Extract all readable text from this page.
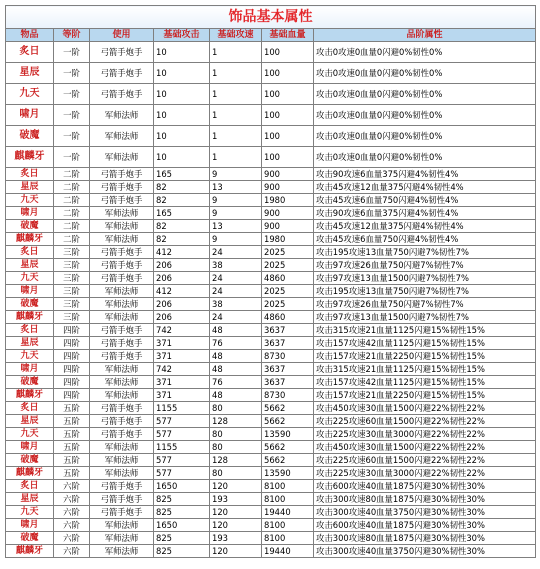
饰品基本属性						
物品	等阶	使用	基础攻击	基础攻速	基础血量	品阶属性
炙日	一阶	弓箭手炮手	10	1	100	攻击0攻速0血量0闪避0%韧性0%
星辰	一阶	弓箭手炮手	10	1	100	攻击0攻速0血量0闪避0%韧性0%
九天	一阶	弓箭手炮手	10	1	100	攻击0攻速0血量0闪避0%韧性0%
啸月	一阶	军师法师	10	1	100	攻击0攻速0血量0闪避0%韧性0%
破魔	一阶	军师法师	10	1	100	攻击0攻速0血量0闪避0%韧性0%
麒麟牙	一阶	军师法师	10	1	100	攻击0攻速0血量0闪避0%韧性0%
炙日	二阶	弓箭手炮手	165	9	900	攻击90攻速6血量375闪避4%韧性4%
星辰	二阶	弓箭手炮手	82	13	900	攻击45攻速12血量375闪避4%韧性4%
九天	二阶	弓箭手炮手	82	9	1980	攻击45攻速6血量750闪避4%韧性4%
啸月	二阶	军师法师	165	9	900	攻击90攻速6血量375闪避4%韧性4%
破魔	二阶	军师法师	82	13	900	攻击45攻速12血量375闪避4%韧性4%
麒麟牙	二阶	军师法师	82	9	1980	攻击45攻速6血量750闪避4%韧性4%
炙日	三阶	弓箭手炮手	412	24	2025	攻击195攻速13血量750闪避7%韧性7%
星辰	三阶	弓箭手炮手	206	38	2025	攻击97攻速26血量750闪避7%韧性7%
九天	三阶	弓箭手炮手	206	24	4860	攻击97攻速13血量1500闪避7%韧性7%
啸月	三阶	军师法师	412	24	2025	攻击195攻速13血量750闪避7%韧性7%
破魔	三阶	军师法师	206	38	2025	攻击97攻速26血量750闪避7%韧性7%
麒麟牙	三阶	军师法师	206	24	4860	攻击97攻速13血量1500闪避7%韧性7%
炙日	四阶	弓箭手炮手	742	48	3637	攻击315攻速21血量1125闪避15%韧性15%
星辰	四阶	弓箭手炮手	371	76	3637	攻击157攻速42血量1125闪避15%韧性15%
九天	四阶	弓箭手炮手	371	48	8730	攻击157攻速21血量2250闪避15%韧性15%
啸月	四阶	军师法师	742	48	3637	攻击315攻速21血量1125闪避15%韧性15%
破魔	四阶	军师法师	371	76	3637	攻击157攻速42血量1125闪避15%韧性15%
麒麟牙	四阶	军师法师	371	48	8730	攻击157攻速21血量2250闪避15%韧性15%
炙日	五阶	弓箭手炮手	1155	80	5662	攻击450攻速30血量1500闪避22%韧性22%
星辰	五阶	弓箭手炮手	577	128	5662	攻击225攻速60血量1500闪避22%韧性22%
九天	五阶	弓箭手炮手	577	80	13590	攻击225攻速30血量3000闪避22%韧性22%
啸月	五阶	军师法师	1155	80	5662	攻击450攻速30血量1500闪避22%韧性22%
破魔	五阶	军师法师	577	128	5662	攻击225攻速60血量1500闪避22%韧性22%
麒麟牙	五阶	军师法师	577	80	13590	攻击225攻速30血量3000闪避22%韧性22%
炙日	六阶	弓箭手炮手	1650	120	8100	攻击600攻速40血量1875闪避30%韧性30%
星辰	六阶	弓箭手炮手	825	193	8100	攻击300攻速80血量1875闪避30%韧性30%
九天	六阶	弓箭手炮手	825	120	19440	攻击300攻速40血量3750闪避30%韧性30%
啸月	六阶	军师法师	1650	120	8100	攻击600攻速40血量1875闪避30%韧性30%
破魔	六阶	军师法师	825	193	8100	攻击300攻速80血量1875闪避30%韧性30%
麒麟牙	六阶	军师法师	825	120	19440	攻击300攻速40血量3750闪避30%韧性30%
